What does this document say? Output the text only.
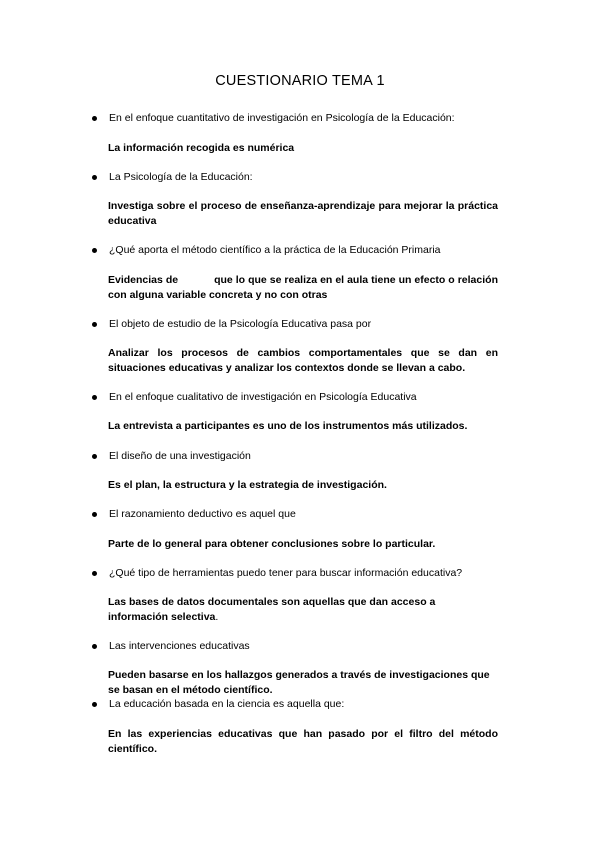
CUESTIONARIO TEMA 1
En el enfoque cuantitativo de investigación en Psicología de la Educación:

La información recogida es numérica

La Psicología de la Educación:

Investiga sobre el proceso de enseñanza-aprendizaje para mejorar la práctica educativa

¿Qué aporta el método científico a la práctica de la Educación Primaria

Evidencias de	que lo que se realiza en el aula tiene un efecto o relación con alguna variable concreta y no con otras

El objeto de estudio de la Psicología Educativa pasa por

Analizar los procesos de cambios comportamentales que se dan en situaciones educativas y analizar los contextos donde se llevan a cabo.

En el enfoque cualitativo de investigación en Psicología Educativa

La entrevista a participantes es uno de los instrumentos más utilizados.

El diseño de una investigación

Es el plan, la estructura y la estrategia de investigación.

El razonamiento deductivo es aquel que

Parte de lo general para obtener conclusiones sobre lo particular.

¿Qué tipo de herramientas puedo tener para buscar información educativa?

Las bases de datos documentales son aquellas que dan acceso a información selectiva.

Las intervenciones educativas

Pueden basarse en los hallazgos generados a través de investigaciones que se basan en el método científico.

La educación basada en la ciencia es aquella que:

En las experiencias educativas que han pasado por el filtro del método científico.
